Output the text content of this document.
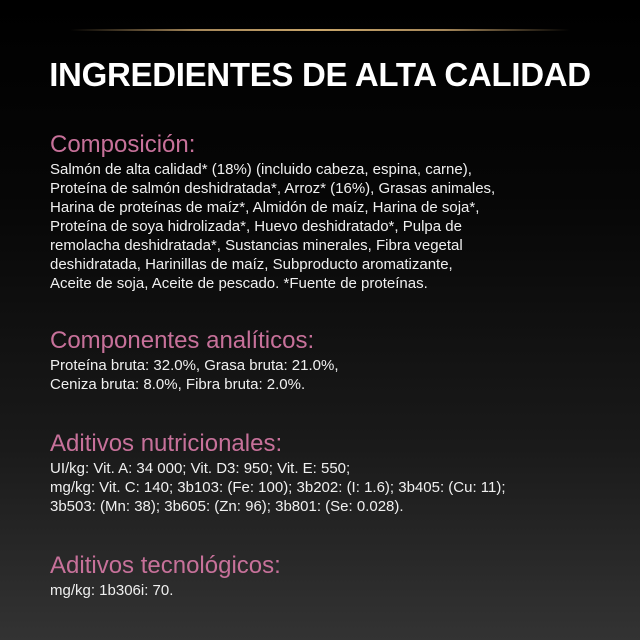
INGREDIENTES DE ALTA CALIDAD
Composición:

Salmón de alta calidad* (18%) (incluido cabeza, espina, carne),
Proteína de salmón deshidratada*, Arroz* (16%), Grasas animales,
Harina de proteínas de maíz*, Almidón de maíz, Harina de soja*,
Proteína de soya hidrolizada*, Huevo deshidratado*, Pulpa de
remolacha deshidratada*, Sustancias minerales, Fibra vegetal
deshidratada, Harinillas de maíz, Subproducto aromatizante,
Aceite de soja, Aceite de pescado. *Fuente de proteínas.

Componentes analíticos:

Proteína bruta: 32.0%, Grasa bruta: 21.0%,
Ceniza bruta: 8.0%, Fibra bruta: 2.0%.

Aditivos nutricionales:

UI/kg: Vit. A: 34 000; Vit. D3: 950; Vit. E: 550;
mg/kg: Vit. C: 140; 3b103: (Fe: 100); 3b202: (I: 1.6); 3b405: (Cu: 11);
3b503: (Mn: 38); 3b605: (Zn: 96); 3b801: (Se: 0.028).

Aditivos tecnológicos:

mg/kg: 1b306i: 70.
